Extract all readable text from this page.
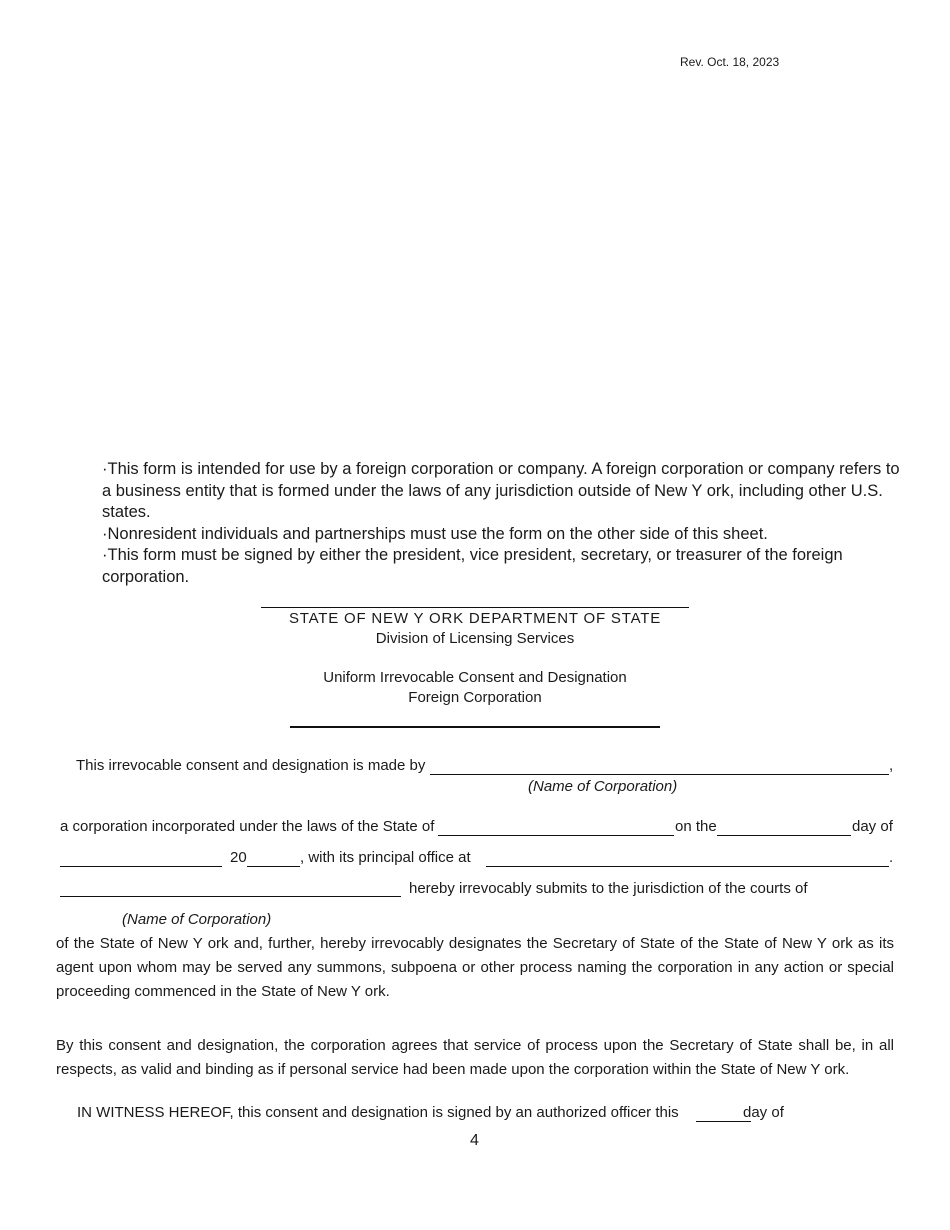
Rev. Oct. 18, 2023

·This form is intended for use by a foreign corporation or company. A foreign corporation or company refers to a business entity that is formed under the laws of any jurisdiction outside of New Y ork, including other U.S. states.

·Nonresident individuals and partnerships must use the form on the other side of this sheet.

·This form must be signed by either the president, vice president, secretary, or treasurer of the foreign corporation.

STATE OF NEW Y ORK DEPARTMENT OF STATE
Division of Licensing Services
Uniform Irrevocable Consent and Designation
Foreign Corporation
This irrevocable consent and designation is made by	,
(Name of Corporation)
a corporation incorporated under the laws of the State of	on the	day of
20	, with its principal office at	.
hereby irrevocably submits to the jurisdiction of the courts of
(Name of Corporation)

of the State of New Y ork and, further, hereby irrevocably designates the Secretary of State of the State of New Y ork as its agent upon whom may be served any summons, subpoena or other process naming the corporation in any action or special proceeding commenced in the State of New Y ork.

By this consent and designation, the corporation agrees that service of process upon the Secretary of State shall be, in all respects, as valid and binding as if personal service had been made upon the corporation within the State of New Y ork.

IN WITNESS HEREOF, this consent and designation is signed by an authorized officer this	day of
4
